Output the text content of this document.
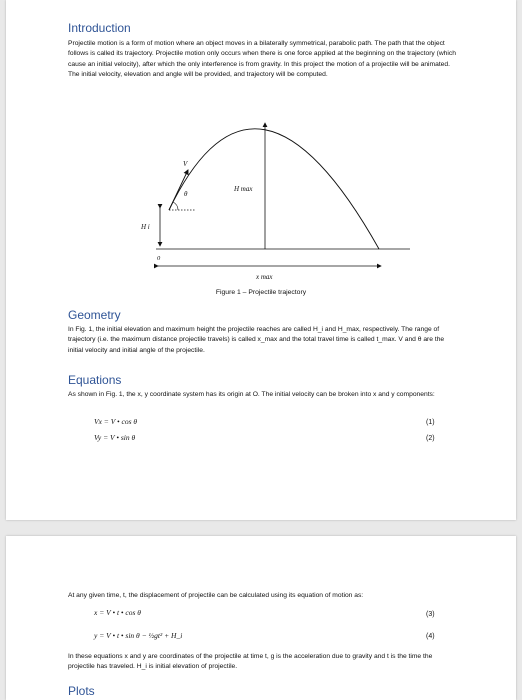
Introduction

Projectile motion is a form of motion where an object moves in a bilaterally symmetrical, parabolic path. The path that the object follows is called its trajectory. Projectile motion only occurs when there is one force applied at the beginning on the trajectory (which cause an initial velocity), after which the only interference is from gravity. In this project the motion of a projectile will be animated. The initial velocity, elevation and angle will be provided, and trajectory will be computed.

V
θ
H max
H i
0
x max
Figure 1 – Projectile trajectory
Geometry

In Fig. 1, the initial elevation and maximum height the projectile reaches are called H_i and H_max, respectively. The range of trajectory (i.e. the maximum distance projectile travels) is called x_max and the total travel time is called t_max. V and θ are the initial velocity and initial angle of the projectile.

Equations

As shown in Fig. 1, the x, y coordinate system has its origin at O. The initial velocity can be broken into x and y components:

Vx = V • cos θ	(1)
Vy = V • sin θ	(2)

At any given time, t, the displacement of projectile can be calculated using its equation of motion as:

x = V • t • cos θ	(3)
y = V • t • sin θ − ½gt² + H_i	(4)

In these equations x and y are coordinates of the projectile at time t, g is the acceleration due to gravity and t is the time the projectile has traveled. H_i is initial elevation of projectile.

Plots
